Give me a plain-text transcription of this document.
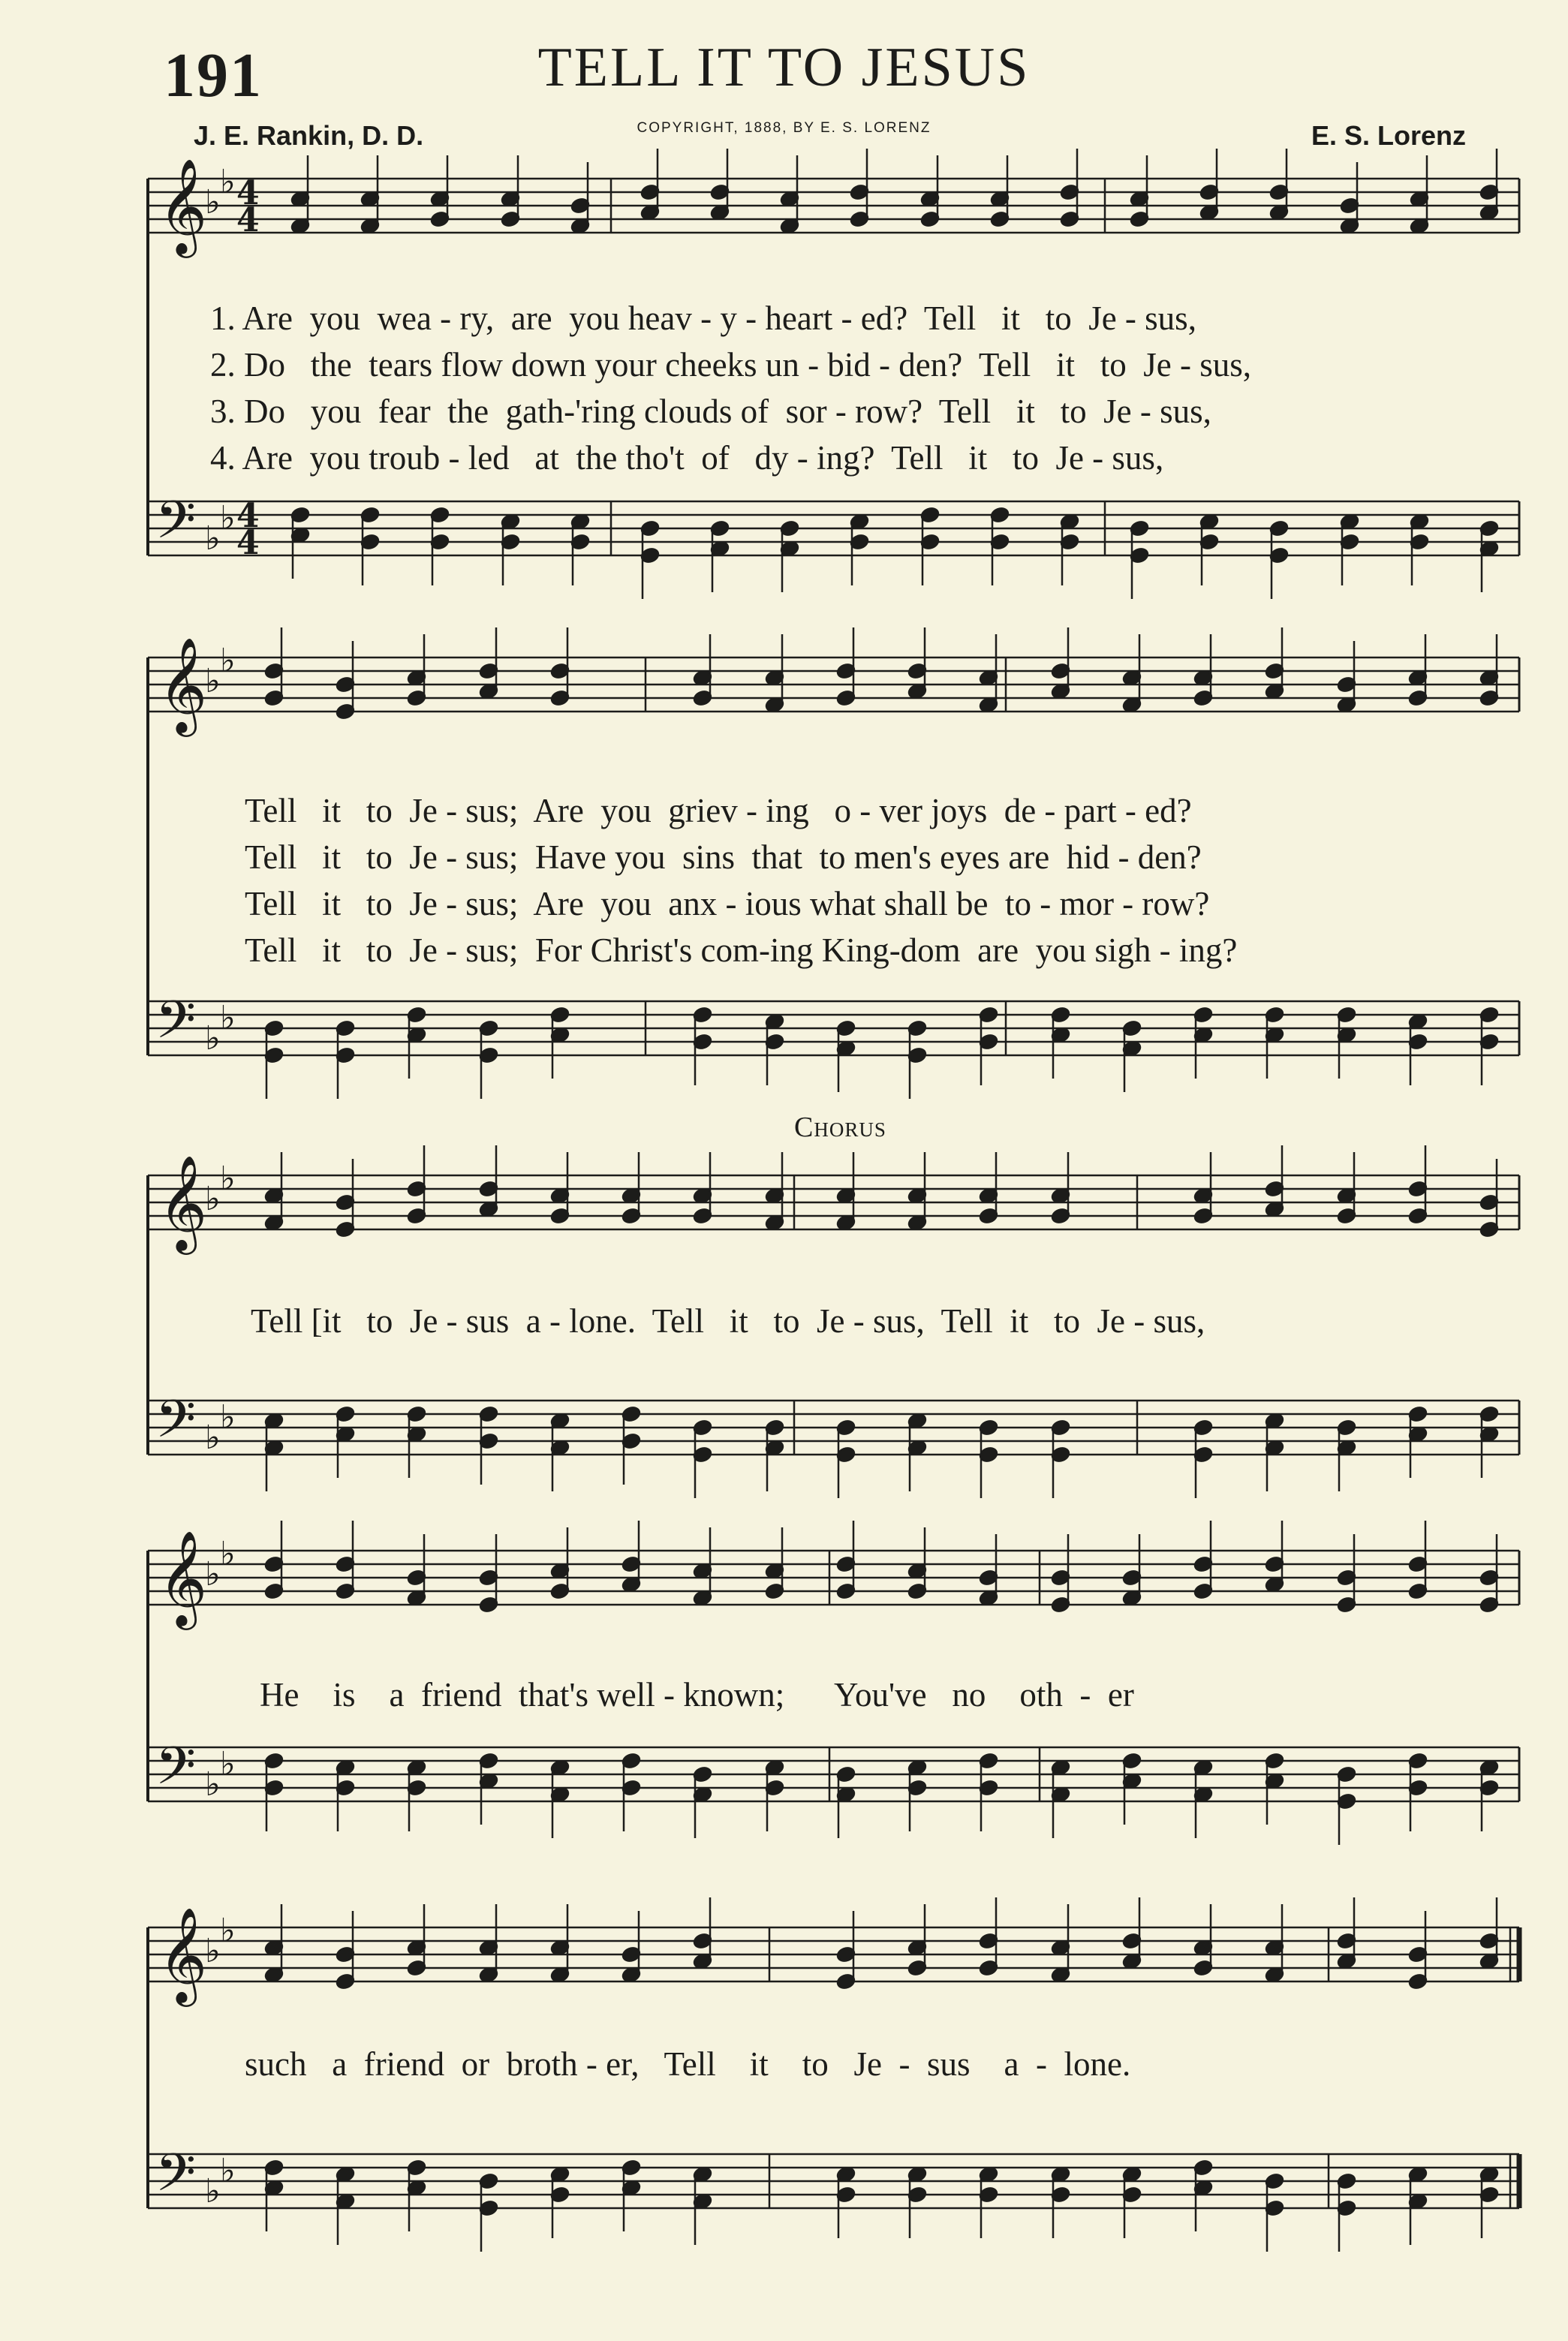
191	TELL IT TO JESUS
J. E. Rankin, D. D.	COPYRIGHT, 1888, BY E. S. LORENZ	E. S. Lorenz
𝄞
𝄢
♭
♭
♭
♭
4
4
4
4
𝄞
𝄢
♭
♭
♭
♭
𝄞
𝄢
♭
♭
♭
♭
𝄞
𝄢
♭
♭
♭
♭
𝄞
𝄢
♭
♭
♭
♭
1. Are  you  wea - ry,  are  you heav - y - heart - ed?  Tell   it   to  Je - sus,
2. Do   the  tears flow down your cheeks un - bid - den?  Tell   it   to  Je - sus,
3. Do   you  fear  the  gath-'ring clouds of  sor - row?  Tell   it   to  Je - sus,
4. Are  you troub - led   at  the tho't  of   dy - ing?  Tell   it   to  Je - sus,
Tell   it   to  Je - sus;  Are  you  griev - ing   o - ver joys  de - part - ed?
Tell   it   to  Je - sus;  Have you  sins  that  to men's eyes are  hid - den?
Tell   it   to  Je - sus;  Are  you  anx - ious what shall be  to - mor - row?
Tell   it   to  Je - sus;  For Christ's com-ing King-dom  are  you sigh - ing?
Tell [it   to  Je - sus  a - lone.  Tell   it   to  Je - sus,  Tell  it   to  Je - sus,
He    is    a  friend  that's well - known;      You've   no    oth  -  er
such   a  friend  or  broth - er,   Tell    it    to   Je  -  sus    a  -  lone.
Chorus
